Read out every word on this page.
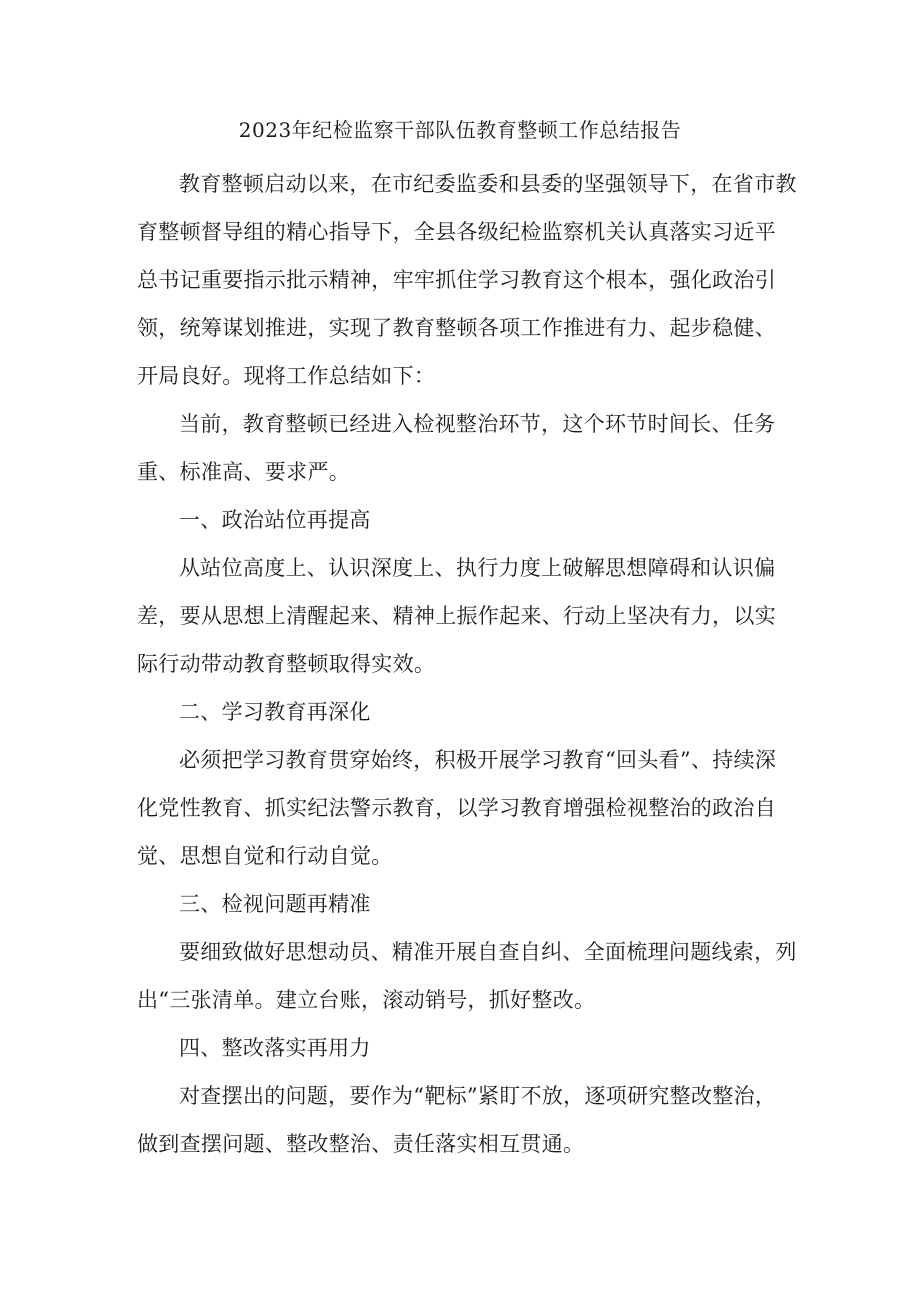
2023年纪检监察干部队伍教育整顿工作总结报告

教育整顿启动以来，在市纪委监委和县委的坚强领导下，在省市教育整顿督导组的精心指导下，全县各级纪检监察机关认真落实习近平总书记重要指示批示精神，牢牢抓住学习教育这个根本，强化政治引领，统筹谋划推进，实现了教育整顿各项工作推进有力、起步稳健、开局良好。现将工作总结如下：

当前，教育整顿已经进入检视整治环节，这个环节时间长、任务重、标准高、要求严。

一、政治站位再提高

从站位高度上、认识深度上、执行力度上破解思想障碍和认识偏差，要从思想上清醒起来、精神上振作起来、行动上坚决有力，以实际行动带动教育整顿取得实效。

二、学习教育再深化

必须把学习教育贯穿始终，积极开展学习教育“回头看”、持续深化党性教育、抓实纪法警示教育，以学习教育增强检视整治的政治自觉、思想自觉和行动自觉。

三、检视问题再精准

要细致做好思想动员、精准开展自查自纠、全面梳理问题线索，列出“三张清单。建立台账，滚动销号，抓好整改。

四、整改落实再用力

对查摆出的问题，要作为“靶标”紧盯不放，逐项研究整改整治，做到查摆问题、整改整治、责任落实相互贯通。
